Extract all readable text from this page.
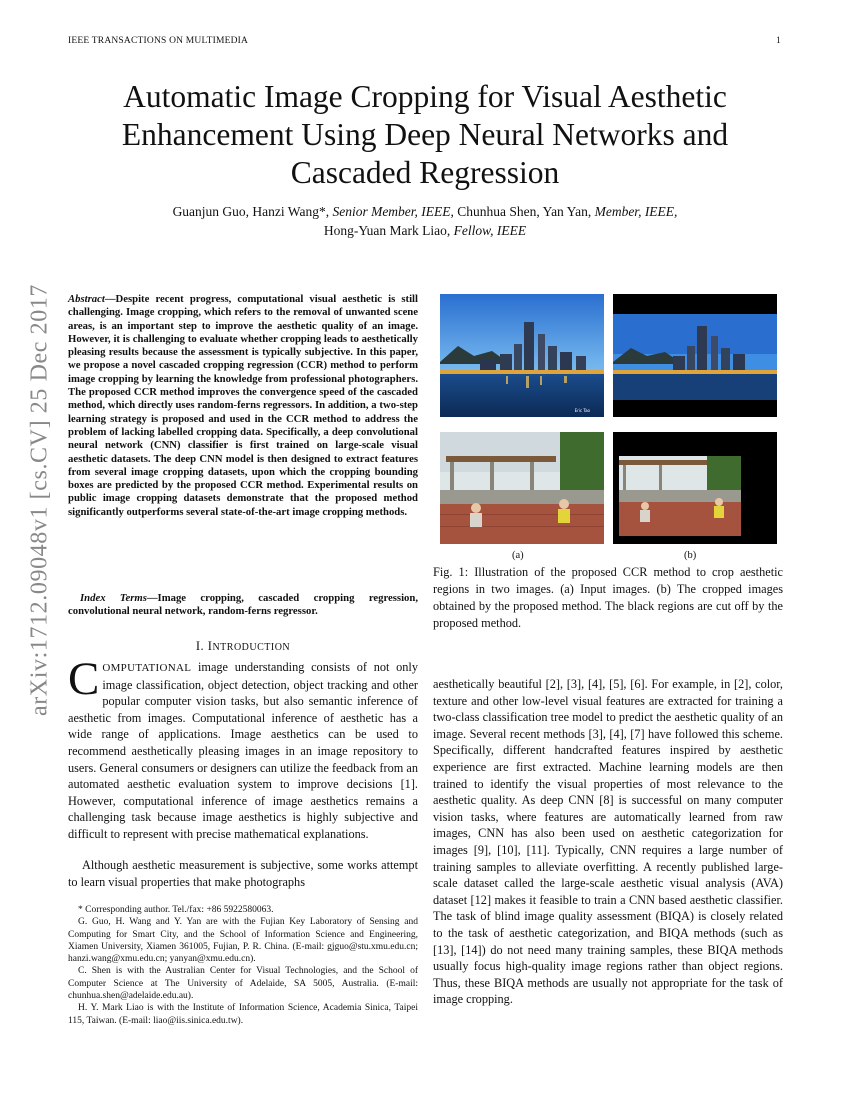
IEEE TRANSACTIONS ON MULTIMEDIA	1
arXiv:1712.09048v1 [cs.CV] 25 Dec 2017
Automatic Image Cropping for Visual Aesthetic
Enhancement Using Deep Neural Networks and
Cascaded Regression
Guanjun Guo, Hanzi Wang*, Senior Member, IEEE, Chunhua Shen, Yan Yan, Member, IEEE,
Hong-Yuan Mark Liao, Fellow, IEEE
Abstract—Despite recent progress, computational visual aesthetic is still challenging. Image cropping, which refers to the removal of unwanted scene areas, is an important step to improve the aesthetic quality of an image. However, it is challenging to evaluate whether cropping leads to aesthetically pleasing results because the assessment is typically subjective. In this paper, we propose a novel cascaded cropping regression (CCR) method to perform image cropping by learning the knowledge from professional photographers. The proposed CCR method improves the convergence speed of the cascaded method, which directly uses random-ferns regressors. In addition, a two-step learning strategy is proposed and used in the CCR method to address the problem of lacking labelled cropping data. Specifically, a deep convolutional neural network (CNN) classifier is first trained on large-scale visual aesthetic datasets. The deep CNN model is then designed to extract features from several image cropping datasets, upon which the cropping bounding boxes are predicted by the proposed CCR method. Experimental results on public image cropping datasets demonstrate that the proposed method significantly outperforms several state-of-the-art image cropping methods.
Index Terms—Image cropping, cascaded cropping regression, convolutional neural network, random-ferns regressor.
I. INTRODUCTION
COMPUTATIONAL image understanding consists of not only image classification, object detection, object tracking and other popular computer vision tasks, but also semantic inference of aesthetic from images. Computational inference of aesthetic has a wide range of applications. Image aesthetics can be used to recommend aesthetically pleasing images in an image repository to users. General consumers or designers can utilize the feedback from an automated aesthetic evaluation system to improve decisions [1]. However, computational inference of image aesthetics remains a challenging task because image aesthetics is highly subjective and difficult to represent with precise mathematical explanations.
Although aesthetic measurement is subjective, some works attempt to learn visual properties that make photographs
* Corresponding author. Tel./fax: +86 5922580063.
G. Guo, H. Wang and Y. Yan are with the Fujian Key Laboratory of Sensing and Computing for Smart City, and the School of Information Science and Engineering, Xiamen University, Xiamen 361005, Fujian, P. R. China. (E-mail: gjguo@stu.xmu.edu.cn; hanzi.wang@xmu.edu.cn; yanyan@xmu.edu.cn).
C. Shen is with the Australian Center for Visual Technologies, and the School of Computer Science at The University of Adelaide, SA 5005, Australia. (E-mail: chunhua.shen@adelaide.edu.au).
H. Y. Mark Liao is with the Institute of Information Science, Academia Sinica, Taipei 115, Taiwan. (E-mail: liao@iis.sinica.edu.tw).
Eric Tao
(a)	(b)
Fig. 1: Illustration of the proposed CCR method to crop aesthetic regions in two images. (a) Input images. (b) The cropped images obtained by the proposed method. The black regions are cut off by the proposed method.
aesthetically beautiful [2], [3], [4], [5], [6]. For example, in [2], color, texture and other low-level visual features are extracted for training a two-class classification tree model to predict the aesthetic quality of an image. Several recent methods [3], [4], [7] have followed this scheme. Specifically, different handcrafted features inspired by aesthetic experience are first extracted. Machine learning models are then trained to identify the visual properties of most relevance to the aesthetic quality. As deep CNN [8] is successful on many computer vision tasks, where features are automatically learned from raw images, CNN has also been used on aesthetic categorization for images [9], [10], [11]. Typically, CNN requires a large number of training samples to alleviate overfitting. A recently published large-scale dataset called the large-scale aesthetic visual analysis (AVA) dataset [12] makes it feasible to train a CNN based aesthetic classifier. The task of blind image quality assessment (BIQA) is closely related to the task of aesthetic categorization, and BIQA methods (such as [13], [14]) do not need many training samples, these BIQA methods usually focus high-quality image regions rather than object regions. Thus, these BIQA methods are usually not appropriate for the task of image cropping.
